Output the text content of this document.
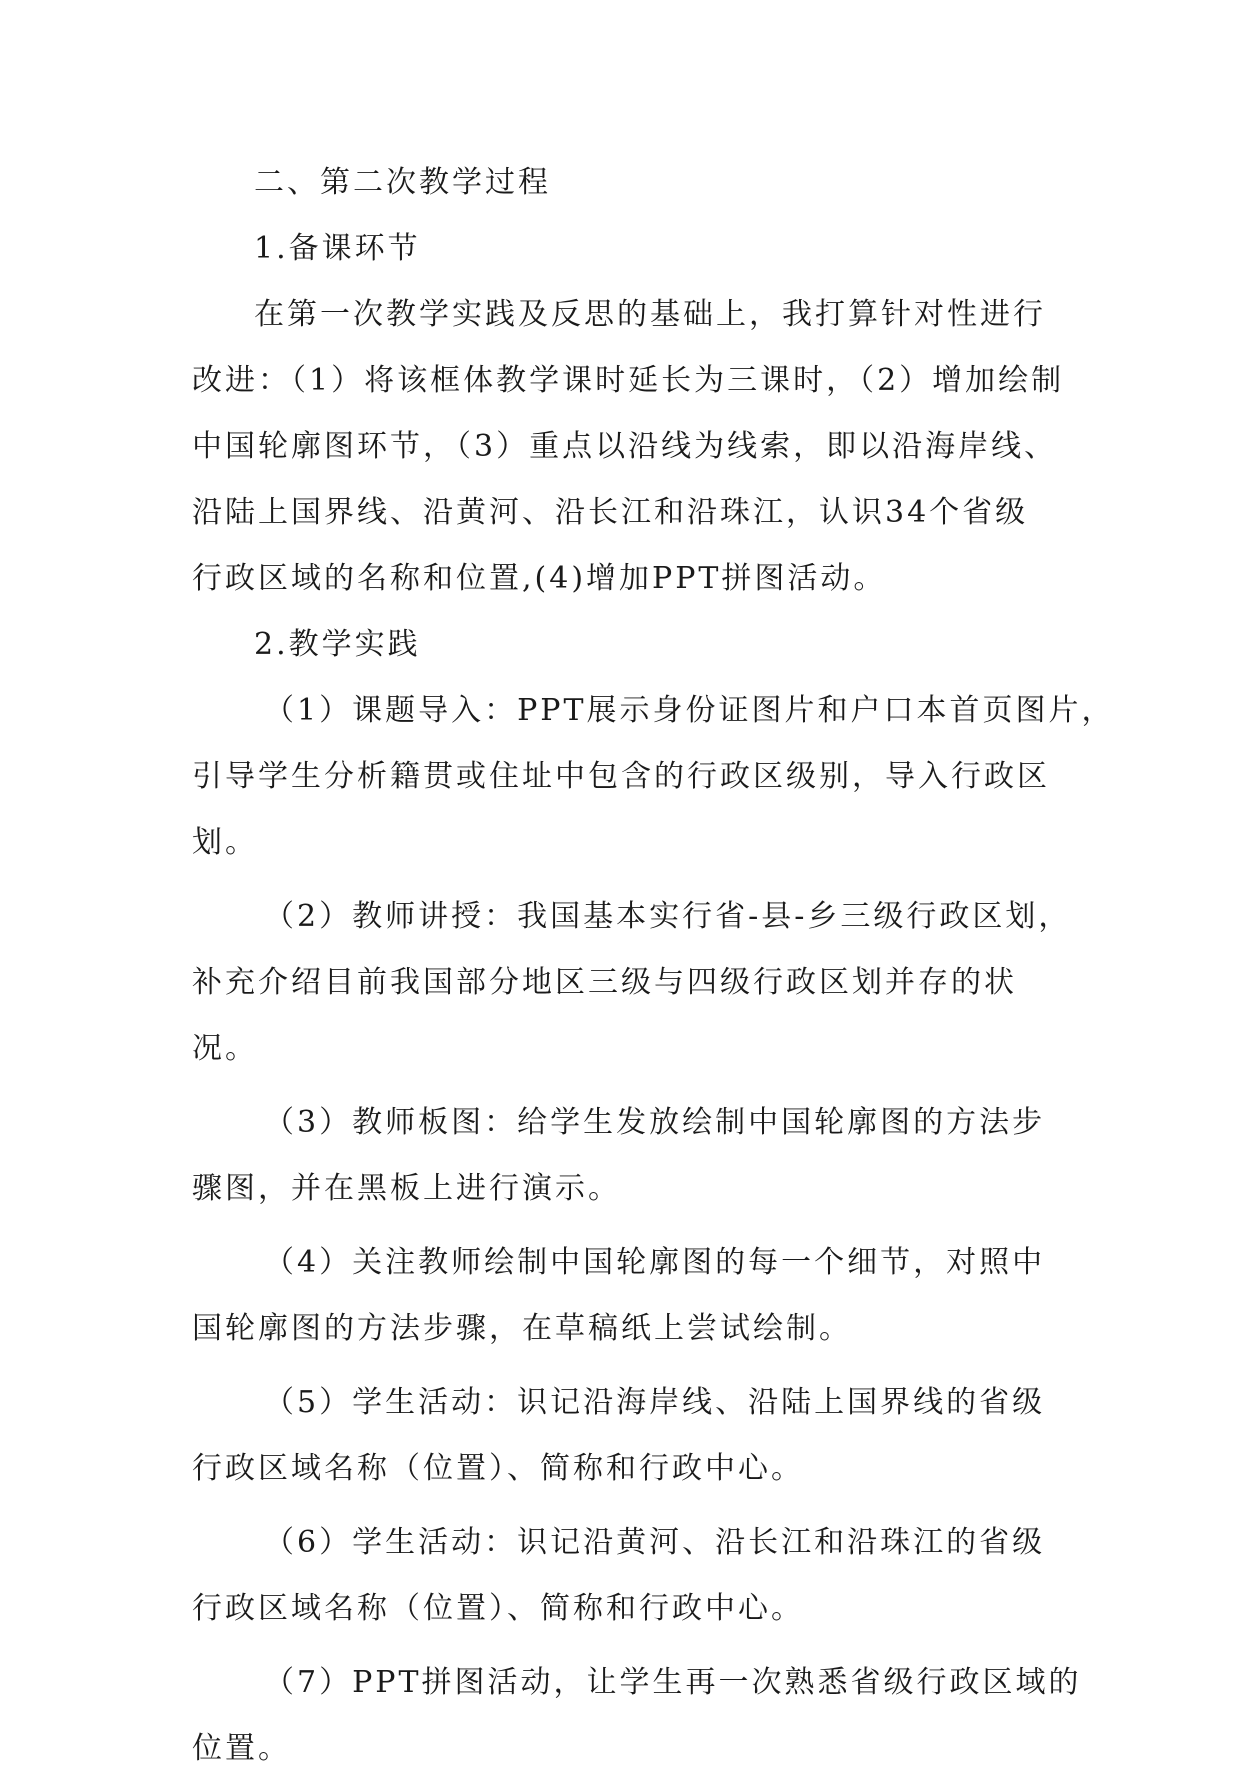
二、第二次教学过程
1.备课环节
在第一次教学实践及反思的基础上，我打算针对性进行
改进：（1）将该框体教学课时延长为三课时，（2）增加绘制
中国轮廓图环节，（3）重点以沿线为线索，即以沿海岸线、
沿陆上国界线、沿黄河、沿长江和沿珠江，认识34个省级
行政区域的名称和位置,(4)增加PPT拼图活动。
2.教学实践
（1）课题导入：PPT展示身份证图片和户口本首页图片，
引导学生分析籍贯或住址中包含的行政区级别，导入行政区
划。
（2）教师讲授：我国基本实行省-县-乡三级行政区划，
补充介绍目前我国部分地区三级与四级行政区划并存的状
况。
（3）教师板图：给学生发放绘制中国轮廓图的方法步
骤图，并在黑板上进行演示。
（4）关注教师绘制中国轮廓图的每一个细节，对照中
国轮廓图的方法步骤，在草稿纸上尝试绘制。
（5）学生活动：识记沿海岸线、沿陆上国界线的省级
行政区域名称（位置）、简称和行政中心。
（6）学生活动：识记沿黄河、沿长江和沿珠江的省级
行政区域名称（位置）、简称和行政中心。
（7）PPT拼图活动，让学生再一次熟悉省级行政区域的
位置。
